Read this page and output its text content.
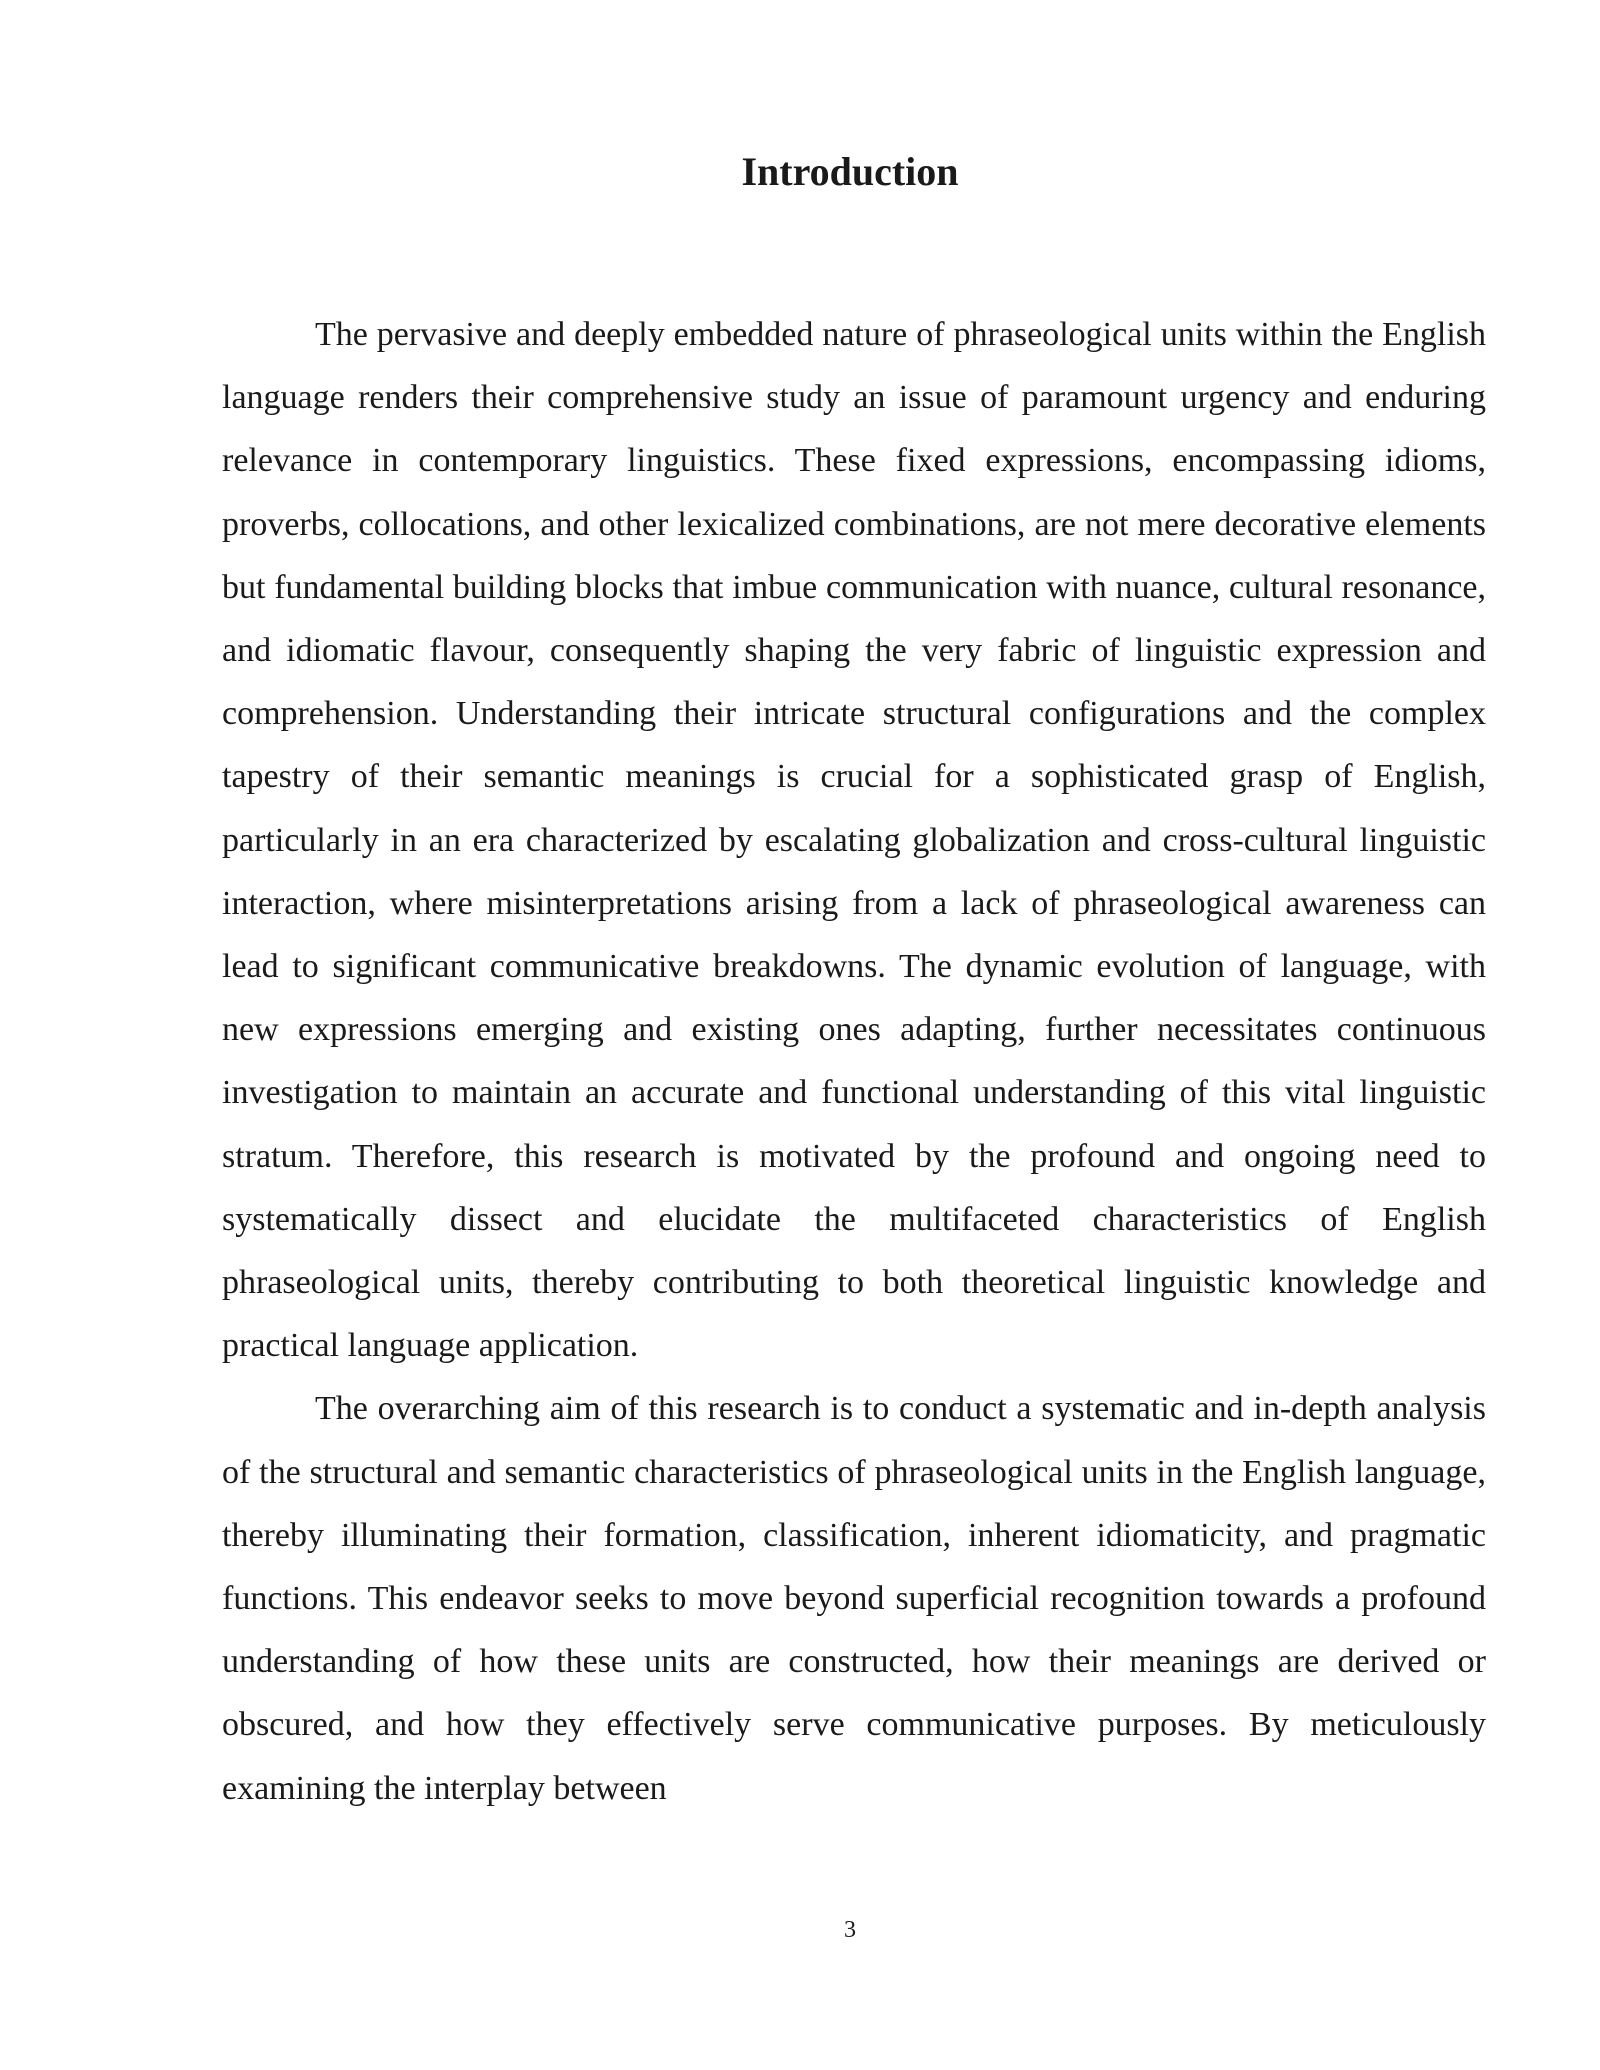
Introduction

The pervasive and deeply embedded nature of phraseological units within the English language renders their comprehensive study an issue of paramount urgency and enduring relevance in contemporary linguistics. These fixed expressions, encompassing idioms, proverbs, collocations, and other lexicalized combinations, are not mere decorative elements but fundamental building blocks that imbue communication with nuance, cultural resonance, and idiomatic flavour, consequently shaping the very fabric of linguistic expression and comprehension. Understanding their intricate structural configurations and the complex tapestry of their semantic meanings is crucial for a sophisticated grasp of English, particularly in an era characterized by escalating globalization and cross-cultural linguistic interaction, where misinterpretations arising from a lack of phraseological awareness can lead to significant communicative breakdowns. The dynamic evolution of language, with new expressions emerging and existing ones adapting, further necessitates continuous investigation to maintain an accurate and functional understanding of this vital linguistic stratum. Therefore, this research is motivated by the profound and ongoing need to systematically dissect and elucidate the multifaceted characteristics of English phraseological units, thereby contributing to both theoretical linguistic knowledge and practical language application.

The overarching aim of this research is to conduct a systematic and in-depth analysis of the structural and semantic characteristics of phraseological units in the English language, thereby illuminating their formation, classification, inherent idiomaticity, and pragmatic functions. This endeavor seeks to move beyond superficial recognition towards a profound understanding of how these units are constructed, how their meanings are derived or obscured, and how they effectively serve communicative purposes. By meticulously examining the interplay between

3
